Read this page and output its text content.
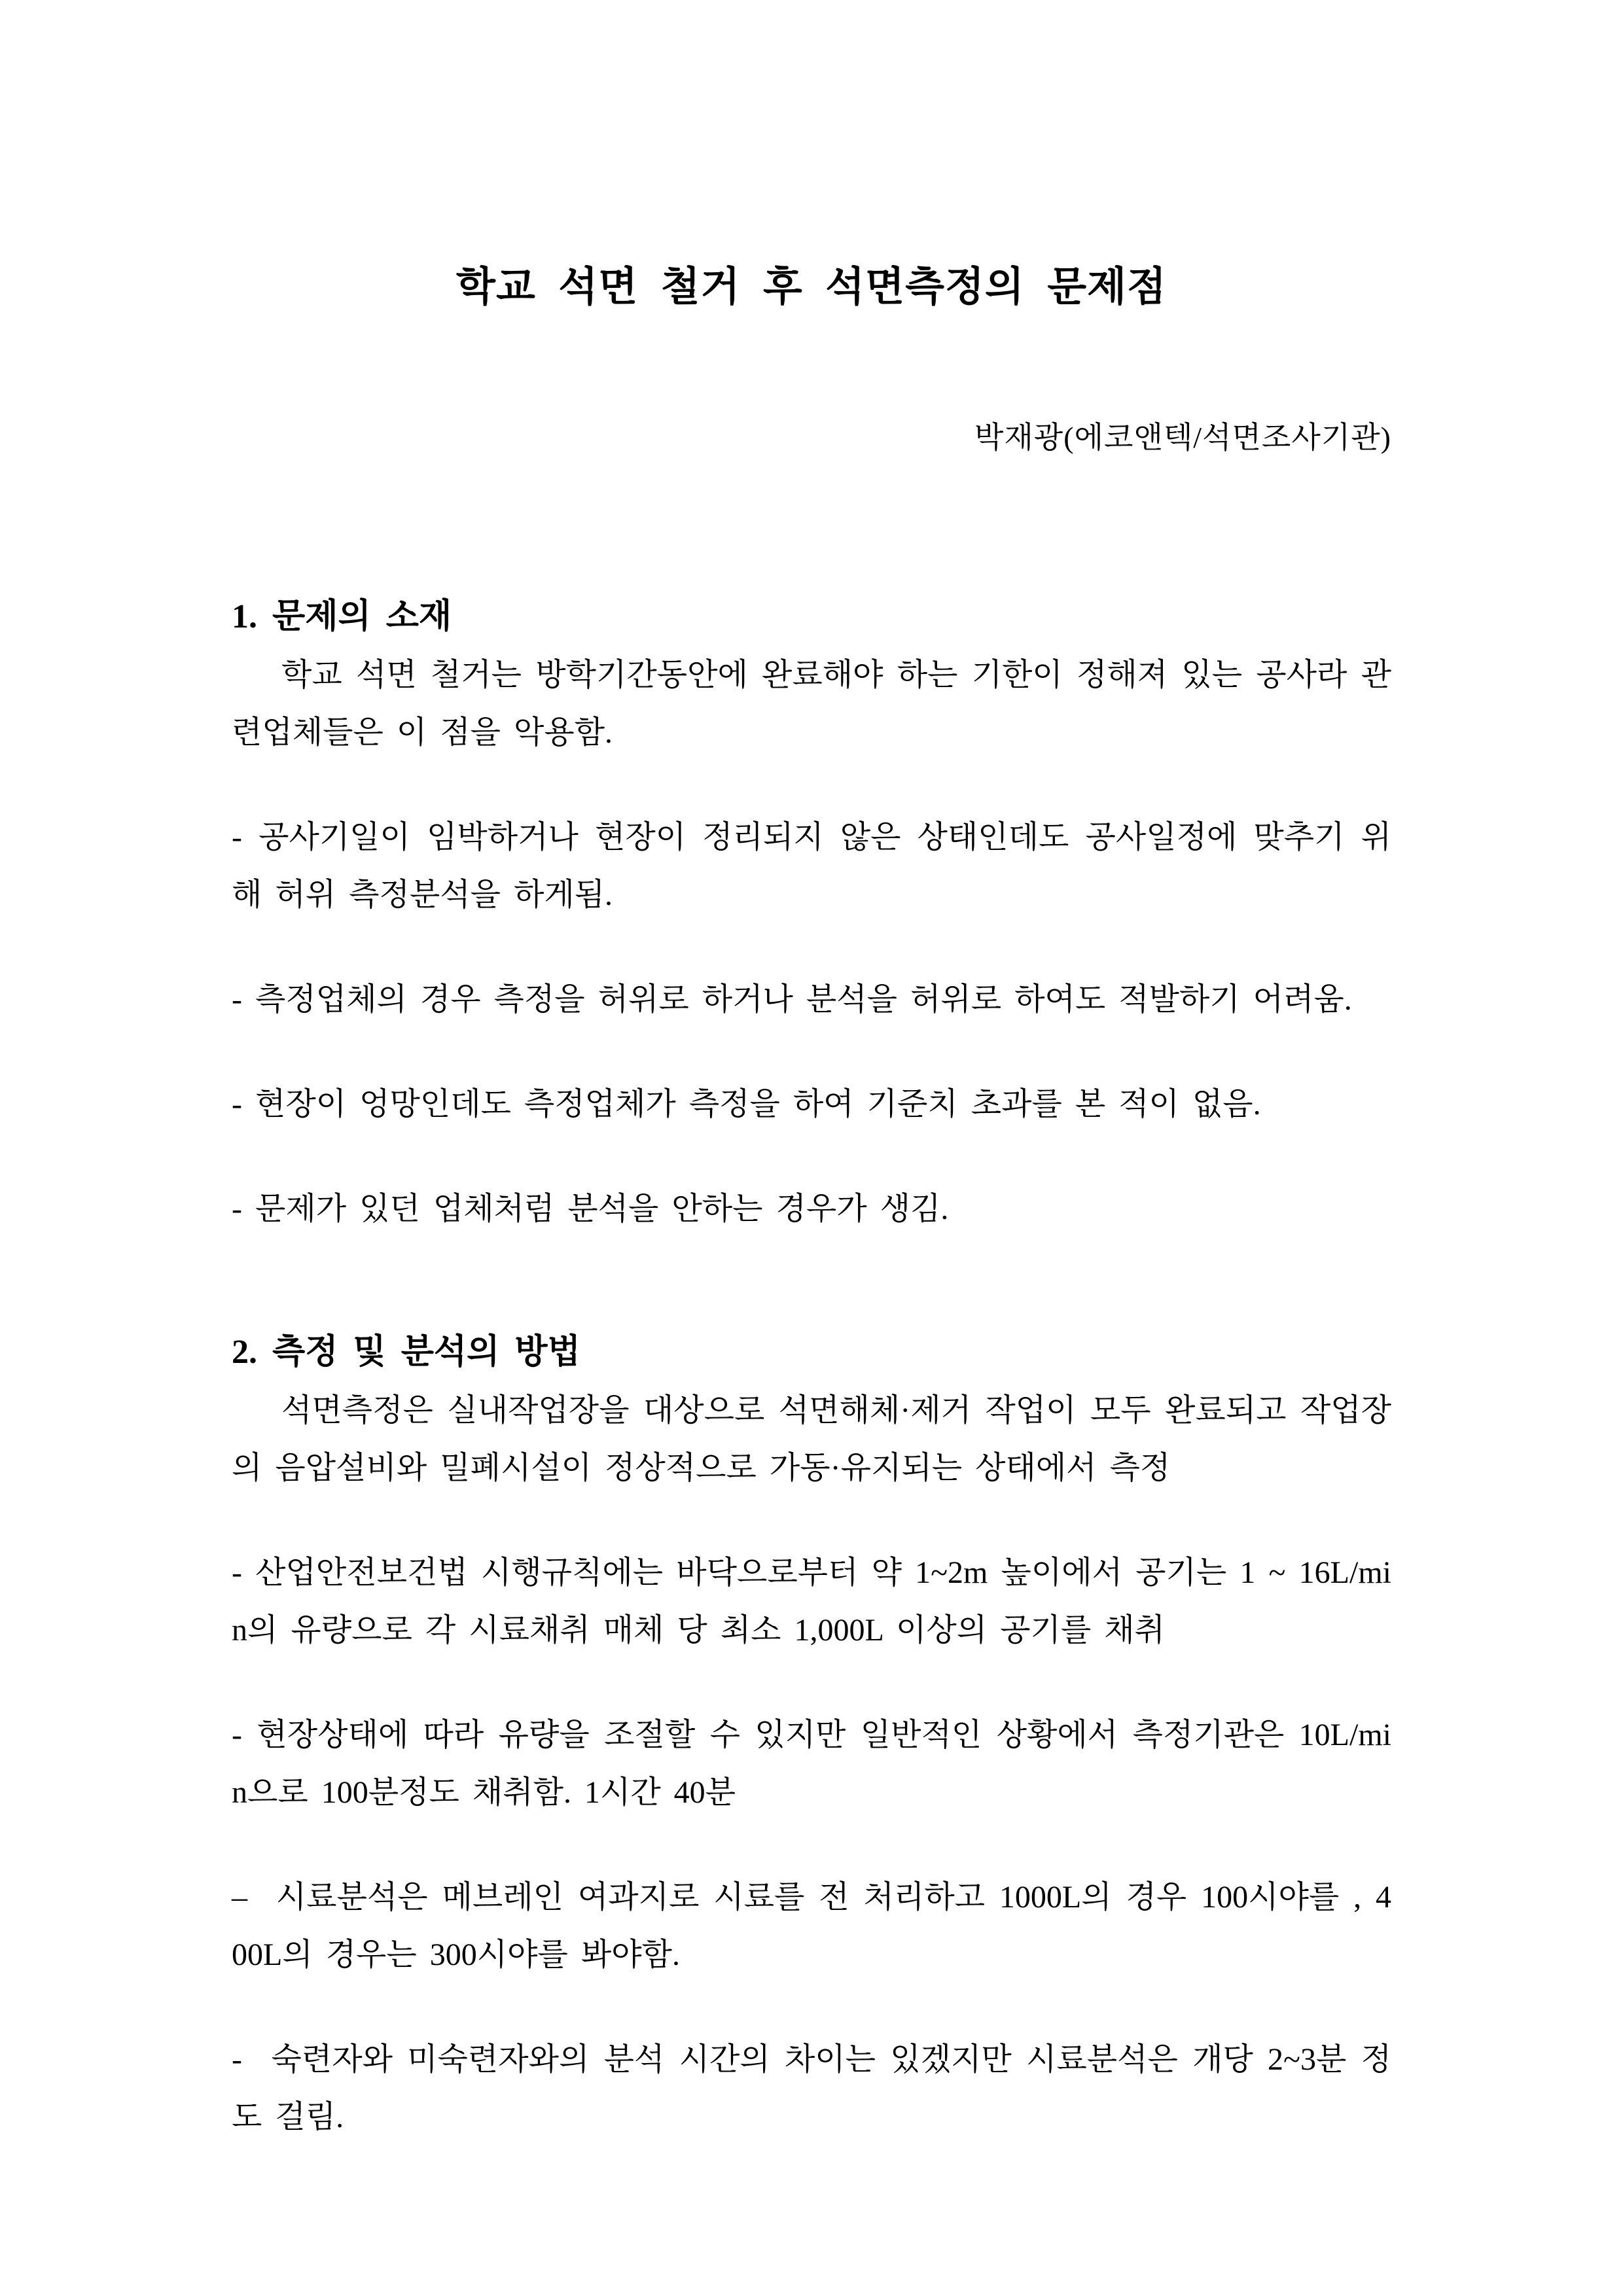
학교 석면 철거 후 석면측정의 문제점
박재광(에코앤텍/석면조사기관)
1. 문제의 소재

학교 석면 철거는 방학기간동안에 완료해야 하는 기한이 정해져 있는 공사라 관련업체들은 이 점을 악용함.

- 공사기일이 임박하거나 현장이 정리되지 않은 상태인데도 공사일정에 맞추기 위해 허위 측정분석을 하게됨.

- 측정업체의 경우 측정을 허위로 하거나 분석을 허위로 하여도 적발하기 어려움.

- 현장이 엉망인데도 측정업체가 측정을 하여 기준치 초과를 본 적이 없음.

- 문제가 있던 업체처럼 분석을 안하는 경우가 생김.

2. 측정 및 분석의 방법

석면측정은 실내작업장을 대상으로 석면해체·제거 작업이 모두 완료되고 작업장의 음압설비와 밀폐시설이 정상적으로 가동·유지되는 상태에서 측정

- 산업안전보건법 시행규칙에는 바닥으로부터 약 1~2m 높이에서 공기는 1 ~ 16L/min의 유량으로 각 시료채취 매체 당 최소 1,000L 이상의 공기를 채취

- 현장상태에 따라 유량을 조절할 수 있지만 일반적인 상황에서 측정기관은 10L/min으로 100분정도 채취함. 1시간 40분

–  시료분석은 메브레인 여과지로 시료를 전 처리하고 1000L의 경우 100시야를 , 400L의 경우는 300시야를 봐야함.

-  숙련자와 미숙련자와의 분석 시간의 차이는 있겠지만 시료분석은 개당 2~3분 정도 걸림.
